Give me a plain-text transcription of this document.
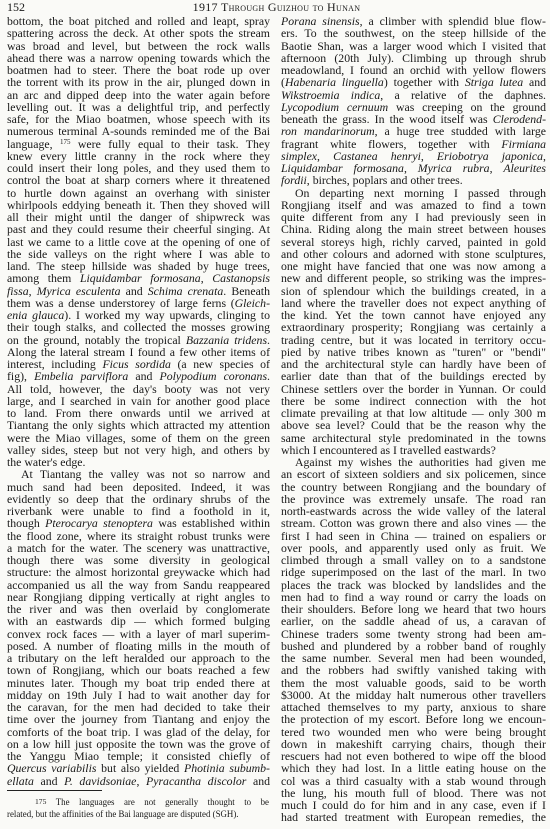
152	1917 Through Guizhou to Hunan
bottom, the boat pitched and rolled and leapt, spray
spattering across the deck. At other spots the stream
was broad and level, but between the rock walls
ahead there was a narrow opening towards which the
boatmen had to steer. There the boat rode up over
the torrent with its prow in the air, plunged down in
an arc and dipped deep into the water again before
levelling out. It was a delightful trip, and perfectly
safe, for the Miao boatmen, whose speech with its
numerous terminal A-sounds reminded me of the Bai
language, $^{175}$ were fully equal to their task. They
knew every little cranny in the rock where they
could insert their long poles, and they used them to
control the boat at sharp corners where it threatened
to hurtle down against an overhang with sinister
whirlpools eddying beneath it. Then they shoved will
all their might until the danger of shipwreck was
past and they could resume their cheerful singing. At
last we came to a little cove at the opening of one of
the side valleys on the right where I was able to
land. The steep hillside was shaded by huge trees,
among them Liquidambar formosana, Castanopsis
fissa, Myrica esculenta and Schima crenata. Beneath
them was a dense understorey of large ferns (Gleich-
enia glauca). I worked my way upwards, clinging to
their tough stalks, and collected the mosses growing
on the ground, notably the tropical Bazzania tridens.
Along the lateral stream I found a few other items of
interest, including Ficus sordida (a new species of
fig), Embelia parviflora and Polypodium coronans.
All told, however, the day's booty was not very
large, and I searched in vain for another good place
to land. From there onwards until we arrived at
Tiantang the only sights which attracted my attention
were the Miao villages, some of them on the green
valley sides, steep but not very high, and others by
the water's edge.
At Tiantang the valley was not so narrow and
much sand had been deposited. Indeed, it was
evidently so deep that the ordinary shrubs of the
riverbank were unable to find a foothold in it,
though Pterocarya stenoptera was established within
the flood zone, where its straight robust trunks were
a match for the water. The scenery was unattractive,
though there was some diversity in geological
structure: the almost horizontal greywacke which had
accompanied us all the way from Sandu reappeared
near Rongjiang dipping vertically at right angles to
the river and was then overlaid by conglomerate
with an eastwards dip — which formed bulging
convex rock faces — with a layer of marl superim-
posed. A number of floating mills in the mouth of
a tributary on the left heralded our approach to the
town of Rongjiang, which our boats reached a few
minutes later. Though my boat trip ended there at
midday on 19th July I had to wait another day for
the caravan, for the men had decided to take their
time over the journey from Tiantang and enjoy the
comforts of the boat trip. I was glad of the delay, for
on a low hill just opposite the town was the grove of
the Yanggu Miao temple; it consisted chiefly of
Quercus variabilis but also yielded Photinia subumb-
ellata and P. davidsoniae, Pyracantha discolor and
Porana sinensis, a climber with splendid blue flow-
ers. To the southwest, on the steep hillside of the
Baotie Shan, was a larger wood which I visited that
afternoon (20th July). Climbing up through shrub
meadowland, I found an orchid with yellow flowers
(Habenaria linguella) together with Striga lutea and
Wikstroemia indica, a relative of the daphnes.
Lycopodium cernuum was creeping on the ground
beneath the grass. In the wood itself was Clerodend-
ron mandarinorum, a huge tree studded with large
fragrant white flowers, together with Firmiana
simplex, Castanea henryi, Eriobotrya japonica,
Liquidambar formosana, Myrica rubra, Aleurites
fordii, birches, poplars and other trees.
On departing next morning I passed through
Rongjiang itself and was amazed to find a town
quite different from any I had previously seen in
China. Riding along the main street between houses
several storeys high, richly carved, painted in gold
and other colours and adorned with stone sculptures,
one might have fancied that one was now among a
new and different people, so striking was the impres-
sion of splendour which the buildings created, in a
land where the traveller does not expect anything of
the kind. Yet the town cannot have enjoyed any
extraordinary prosperity; Rongjiang was certainly a
trading centre, but it was located in territory occu-
pied by native tribes known as "turen" or "bendi"
and the architectural style can hardly have been of
earlier date than that of the buildings erected by
Chinese settlers over the border in Yunnan. Or could
there be some indirect connection with the hot
climate prevailing at that low altitude — only 300 m
above sea level? Could that be the reason why the
same architectural style predominated in the towns
which I encountered as I travelled eastwards?
Against my wishes the authorities had given me
an escort of sixteen soldiers and six policemen, since
the country between Rongjiang and the boundary of
the province was extremely unsafe. The road ran
north-eastwards across the wide valley of the lateral
stream. Cotton was grown there and also vines — the
first I had seen in China — trained on espaliers or
over pools, and apparently used only as fruit. We
climbed through a small valley on to a sandstone
ridge superimposed on the last of the marl. In two
places the track was blocked by landslides and the
men had to find a way round or carry the loads on
their shoulders. Before long we heard that two hours
earlier, on the saddle ahead of us, a caravan of
Chinese traders some twenty strong had been am-
bushed and plundered by a robber band of roughly
the same number. Several men had been wounded,
and the robbers had swiftly vanished taking with
them the most valuable goods, said to be worth
$3000. At the midday halt numerous other travellers
attached themselves to my party, anxious to share
the protection of my escort. Before long we encoun-
tered two wounded men who were being brought
down in makeshift carrying chairs, though their
rescuers had not even bothered to wipe off the blood
which they had lost. In a little eating house on the
col was a third casualty with a stab wound through
the lung, his mouth full of blood. There was not
much I could do for him and in any case, even if I
had started treatment with European remedies, the
175 The languages are not generally thought to be
related, but the affinities of the Bai language are disputed (SGH).
